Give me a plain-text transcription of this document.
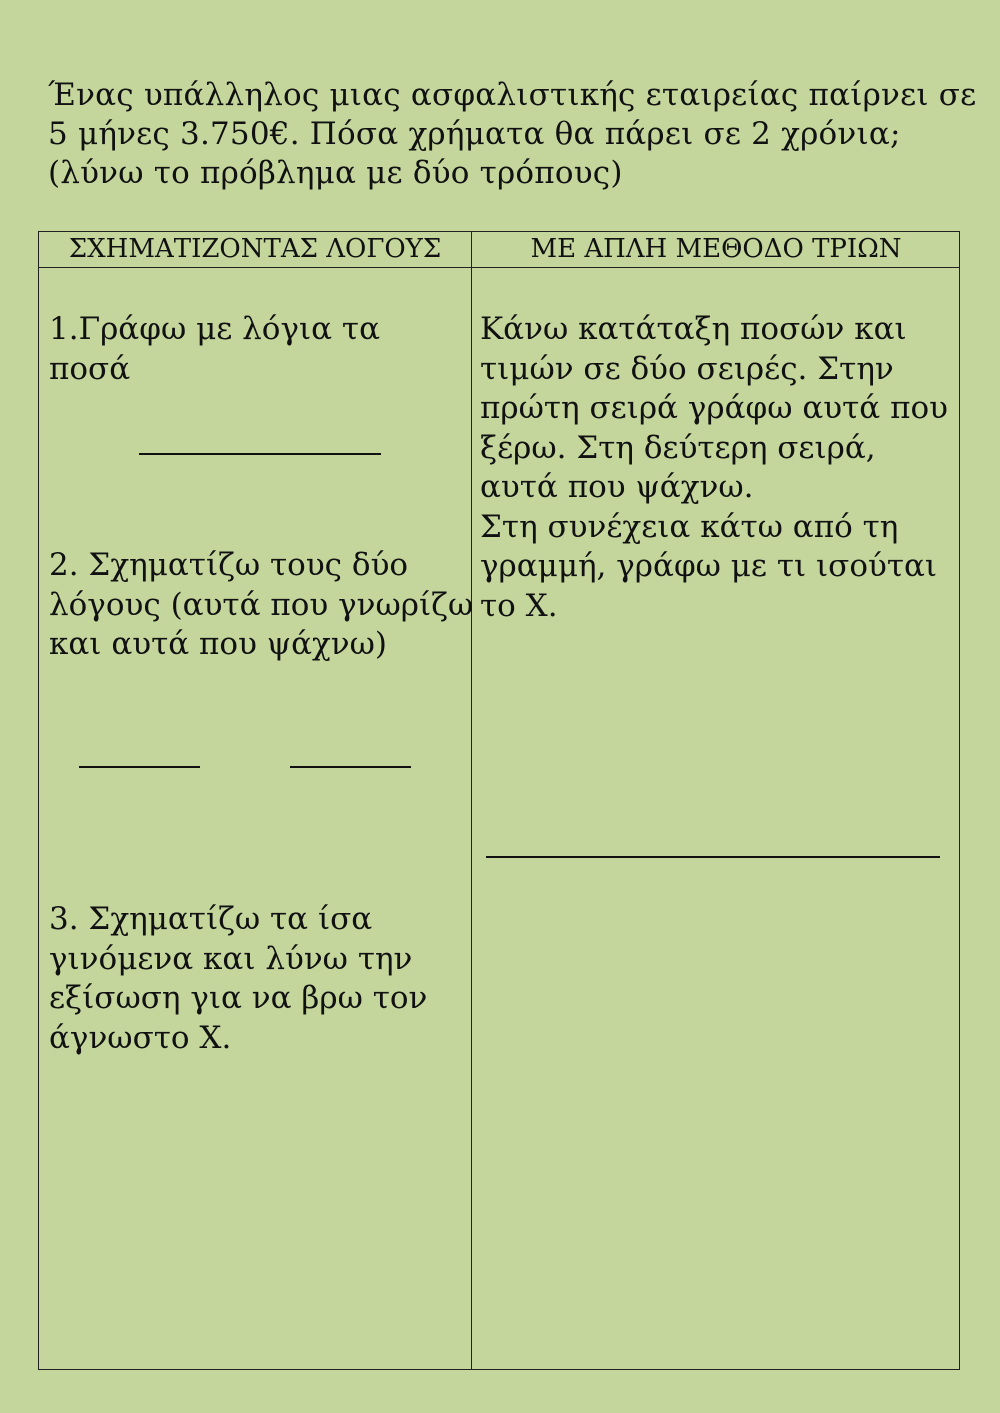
Ένας υπάλληλος μιας ασφαλιστικής εταιρείας παίρνει σε
5 μήνες 3.750€. Πόσα χρήματα θα πάρει σε 2 χρόνια;
(λύνω το πρόβλημα με δύο τρόπους)
ΣΧΗΜΑΤΙΖΟΝΤΑΣ ΛΟΓΟΥΣ	ΜΕ ΑΠΛΗ ΜΕΘΟΔΟ ΤΡΙΩΝ
1.Γράφω με λόγια τα
ποσά
2. Σχηματίζω τους δύο
λόγους (αυτά που γνωρίζω
και αυτά που ψάχνω)
3. Σχηματίζω τα ίσα
γινόμενα και λύνω την
εξίσωση για να βρω τον
άγνωστο Χ.
Κάνω κατάταξη ποσών και
τιμών σε δύο σειρές. Στην
πρώτη σειρά γράφω αυτά που
ξέρω. Στη δεύτερη σειρά,
αυτά που ψάχνω.
Στη συνέχεια κάτω από τη
γραμμή, γράφω με τι ισούται
το Χ.
